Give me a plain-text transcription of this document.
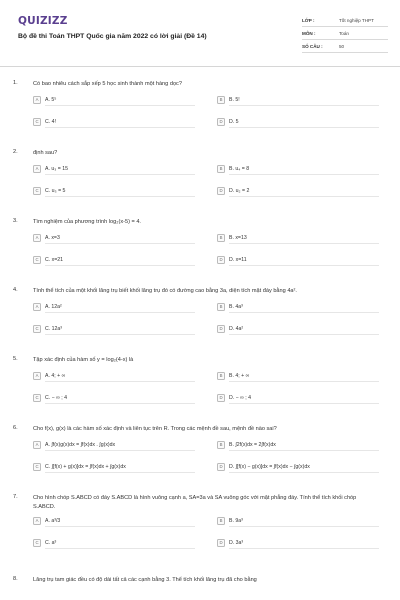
QUIZIZZ
Bộ đề thi Toán THPT Quốc gia năm 2022 có lời giải (Đề 14)
LỚP :	Tốt nghiệp THPT
MÔN :	Toán
SỐ CÂU :	50
1.	Có bao nhiêu cách sắp xếp 5 học sinh thành một hàng dọc?
A	A. 5⁵	B	B. 5!
C	C. 4!	D	D. 5
2.	định sau?
A	A. u₃ = 15	B	B. u₄ = 8
C	C. u₃ = 5	D	D. u₂ = 2
3.	Tìm nghiệm của phương trình log₂(x-5) = 4.
A	A. x=3	B	B. x=13
C	C. x=21	D	D. x=11
4.	Tính thể tích của một khối lăng trụ biết khối lăng trụ đó có đường cao bằng 3a, diện tích mặt đáy bằng 4a².
A	A. 12a²	B	B. 4a³
C	C. 12a³	D	D. 4a²
5.	Tập xác định của hàm số y = log₂(4-x) là
A	A. 4; + ∞	B	B. 4; + ∞
C	C. − ∞ ; 4	D	D. − ∞ ; 4
6.	Cho f(x), g(x) là các hàm số xác định và liên tục trên R. Trong các mệnh đề sau, mệnh đề nào sai?
A	A. ∫f(x)g(x)dx = ∫f(x)dx . ∫g(x)dx	B	B. ∫2f(x)dx = 2∫f(x)dx
C	C. ∫[f(x) + g(x)]dx = ∫f(x)dx + ∫g(x)dx	D	D. ∫[f(x) − g(x)]dx = ∫f(x)dx − ∫g(x)dx
7.	Cho hình chóp S.ABCD có đáy S.ABCD là hình vuông cạnh a, SA=3a và SA vuông góc với mặt phẳng đáy. Tính thể tích khối chóp S.ABCD.
A	A. a³/3	B	B. 9a³
C	C. a³	D	D. 3a³
8.	Lăng trụ tam giác đều có độ dài tất cả các cạnh bằng 3. Thể tích khối lăng trụ đã cho bằng
